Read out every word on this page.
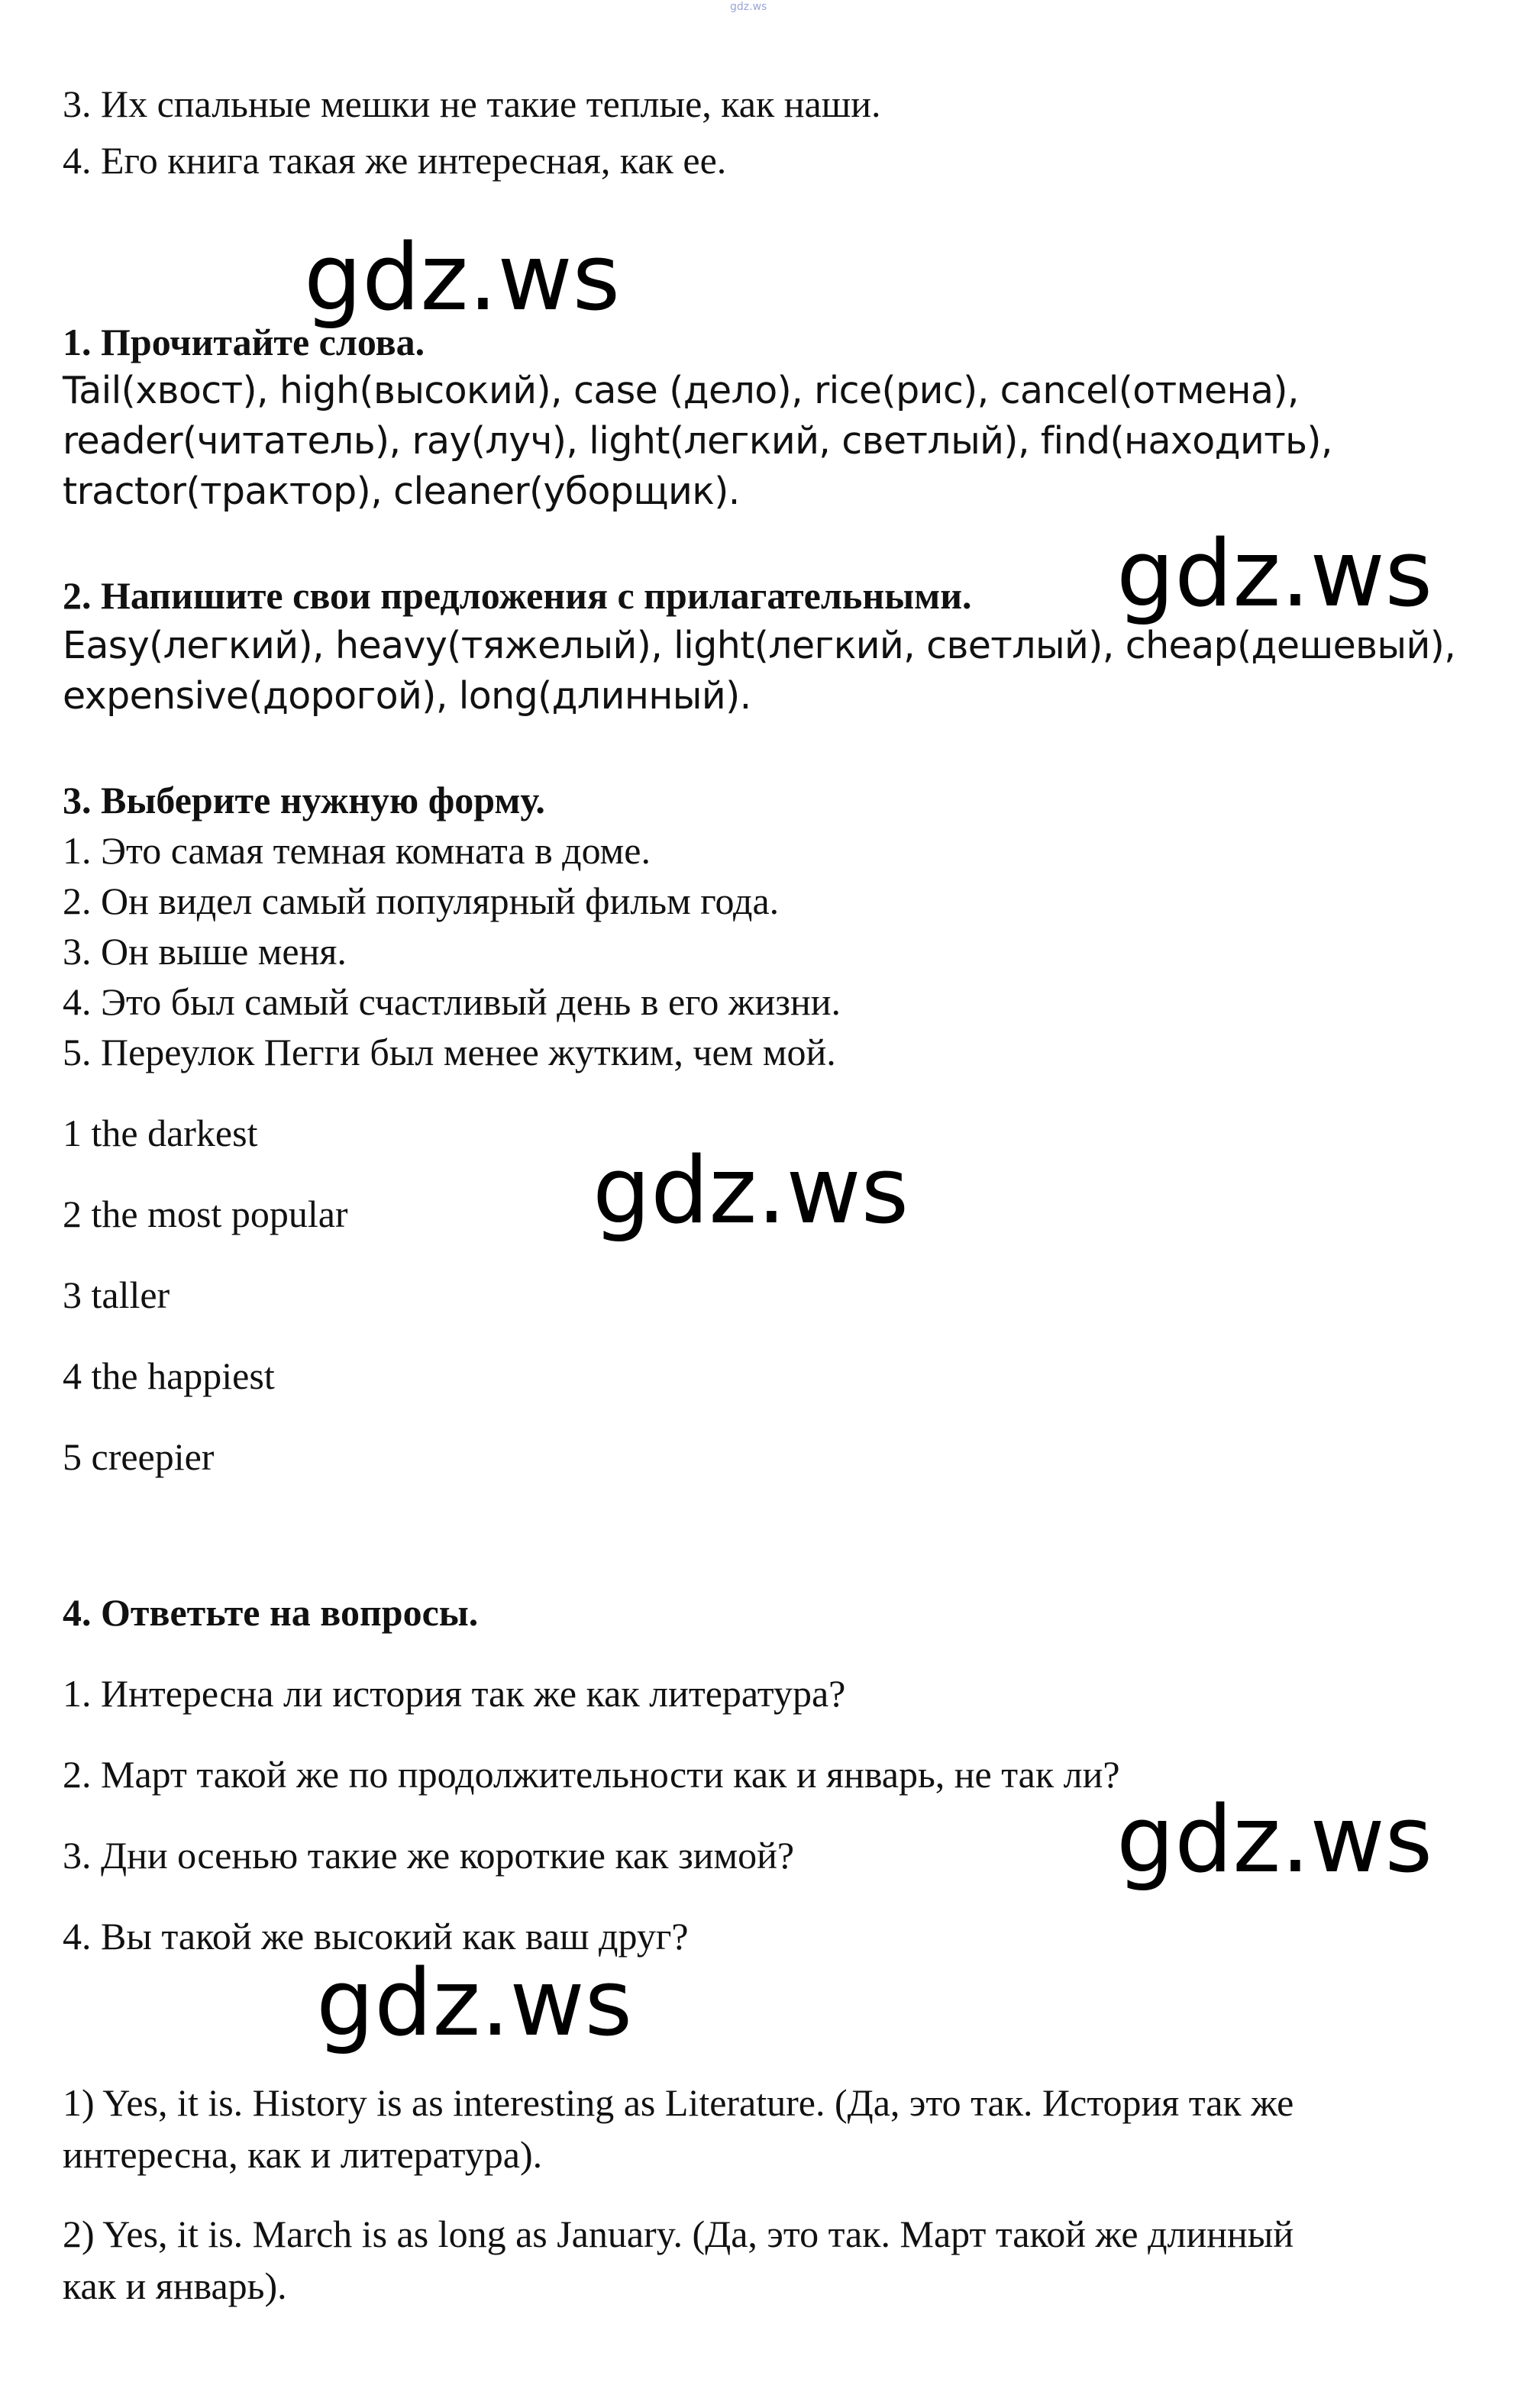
gdz.ws
3. Их спальные мешки не такие теплые, как наши.
4. Его книга такая же интересная, как ее.
gdz.ws
1. Прочитайте слова.
Tail(хвост), high(высокий), case (дело), rice(рис), cancel(отмена),
reader(читатель), ray(луч), light(легкий, светлый), find(находить),
tractor(трактор), cleaner(уборщик).
gdz.ws
2. Напишите свои предложения с прилагательными.
Easy(легкий), heavy(тяжелый), light(легкий, светлый), cheap(дешевый),
expensive(дорогой), long(длинный).
3. Выберите нужную форму.
1. Это самая темная комната в доме.
2. Он видел самый популярный фильм года.
3. Он выше меня.
4. Это был самый счастливый день в его жизни.
5. Переулок Пегги был менее жутким, чем мой.
1 the darkest
2 the most popular
3 taller
4 the happiest
5 creepier
gdz.ws
4. Ответьте на вопросы.
1. Интересна ли история так же как литература?
2. Март такой же по продолжительности как и январь, не так ли?
3. Дни осенью такие же короткие как зимой?
4. Вы такой же высокий как ваш друг?
gdz.ws
gdz.ws
1) Yes, it is. History is as interesting as Literature. (Да, это так. История так же
интересна, как и литература).
2) Yes, it is. March is as long as January. (Да, это так. Март такой же длинный
как и январь).
